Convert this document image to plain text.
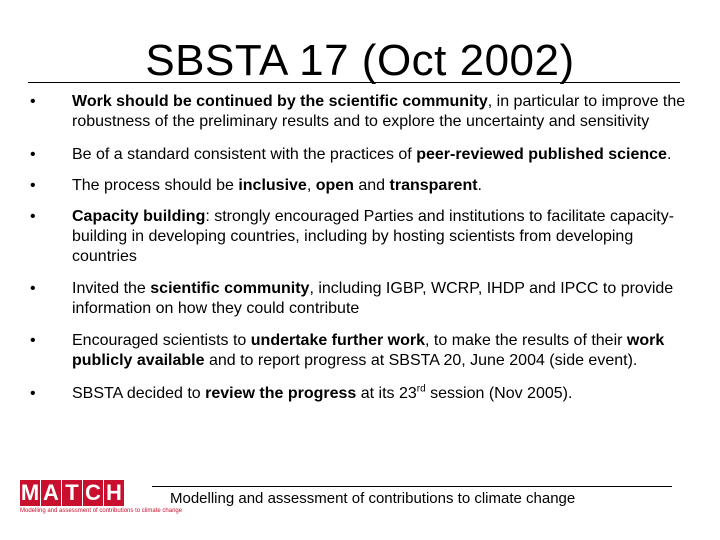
SBSTA 17 (Oct 2002)
• Work should be continued by the scientific community, in particular to improve the robustness of the preliminary results and to explore the uncertainty and sensitivity
• Be of a standard consistent with the practices of peer-reviewed published science.
• The process should be inclusive, open and transparent.
• Capacity building: strongly encouraged Parties and institutions to facilitate capacity-building in developing countries, including by hosting scientists from developing countries
• Invited the scientific community, including IGBP, WCRP, IHDP and IPCC to provide information on how they could contribute
• Encouraged scientists to undertake further work, to make the results of their work publicly available and to report progress at SBSTA 20, June 2004 (side event).
• SBSTA decided to review the progress at its 23rd session (Nov 2005).
M A T C H
Modelling and assessment of contributions to climate change
Modelling and assessment of contributions to climate change
